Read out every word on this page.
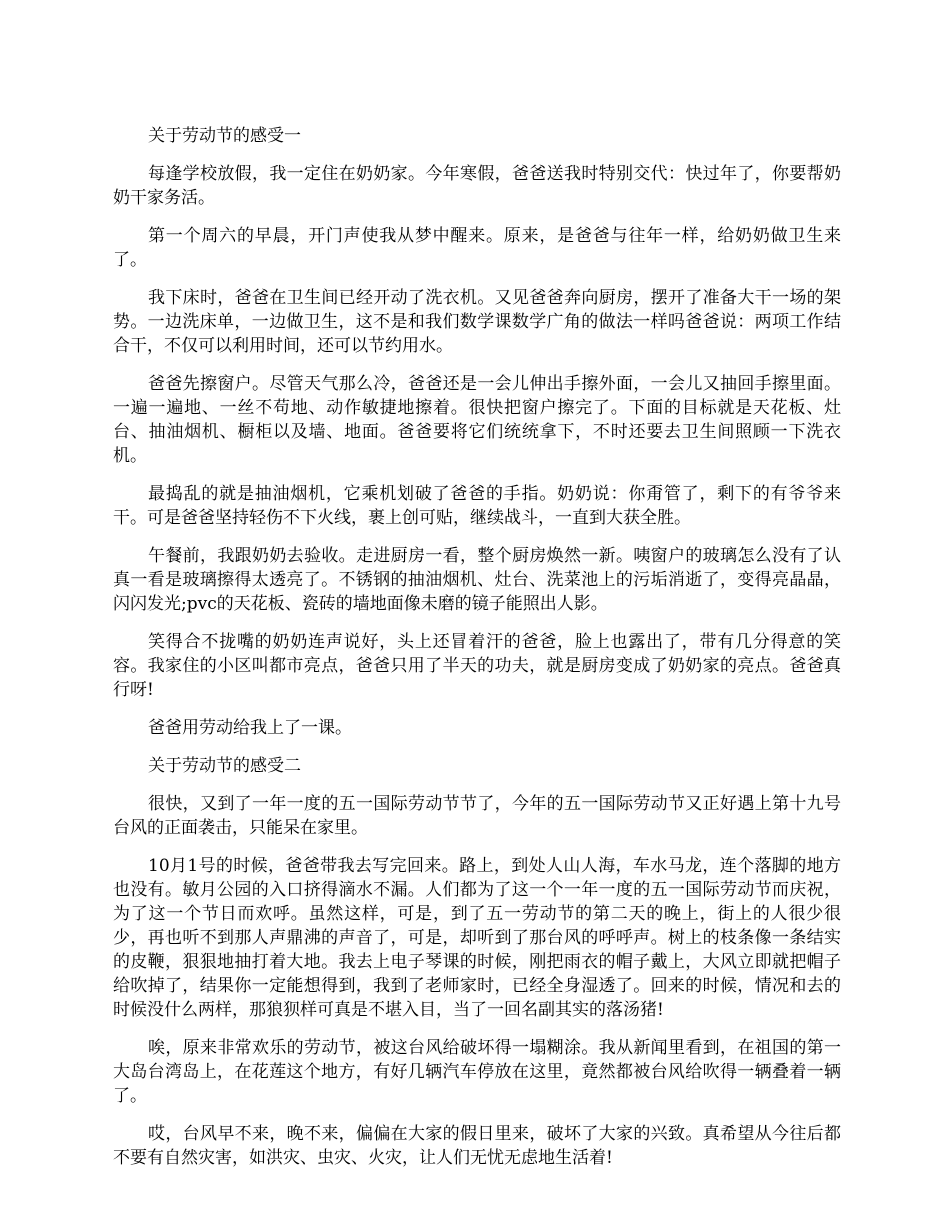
关于劳动节的感受一

每逢学校放假，我一定住在奶奶家。今年寒假，爸爸送我时特别交代：快过年了，你要帮奶奶干家务活。

第一个周六的早晨，开门声使我从梦中醒来。原来，是爸爸与往年一样，给奶奶做卫生来了。

我下床时，爸爸在卫生间已经开动了洗衣机。又见爸爸奔向厨房，摆开了准备大干一场的架势。一边洗床单，一边做卫生，这不是和我们数学课数学广角的做法一样吗爸爸说：两项工作结合干，不仅可以利用时间，还可以节约用水。

爸爸先擦窗户。尽管天气那么冷，爸爸还是一会儿伸出手擦外面，一会儿又抽回手擦里面。一遍一遍地、一丝不苟地、动作敏捷地擦着。很快把窗户擦完了。下面的目标就是天花板、灶台、抽油烟机、橱柜以及墙、地面。爸爸要将它们统统拿下，不时还要去卫生间照顾一下洗衣机。

最捣乱的就是抽油烟机，它乘机划破了爸爸的手指。奶奶说：你甭管了，剩下的有爷爷来干。可是爸爸坚持轻伤不下火线，裹上创可贴，继续战斗，一直到大获全胜。

午餐前，我跟奶奶去验收。走进厨房一看，整个厨房焕然一新。咦窗户的玻璃怎么没有了认真一看是玻璃擦得太透亮了。不锈钢的抽油烟机、灶台、洗菜池上的污垢消逝了，变得亮晶晶，闪闪发光;pvc的天花板、瓷砖的墙地面像未磨的镜子能照出人影。

笑得合不拢嘴的奶奶连声说好，头上还冒着汗的爸爸，脸上也露出了，带有几分得意的笑容。我家住的小区叫都市亮点，爸爸只用了半天的功夫，就是厨房变成了奶奶家的亮点。爸爸真行呀!

爸爸用劳动给我上了一课。

关于劳动节的感受二

很快，又到了一年一度的五一国际劳动节节了，今年的五一国际劳动节又正好遇上第十九号台风的正面袭击，只能呆在家里。

10月1号的时候，爸爸带我去写完回来。路上，到处人山人海，车水马龙，连个落脚的地方也没有。敏月公园的入口挤得滴水不漏。人们都为了这一个一年一度的五一国际劳动节而庆祝，为了这一个节日而欢呼。虽然这样，可是，到了五一劳动节的第二天的晚上，街上的人很少很少，再也听不到那人声鼎沸的声音了，可是，却听到了那台风的呼呼声。树上的枝条像一条结实的皮鞭，狠狠地抽打着大地。我去上电子琴课的时候，刚把雨衣的帽子戴上，大风立即就把帽子给吹掉了，结果你一定能想得到，我到了老师家时，已经全身湿透了。回来的时候，情况和去的时候没什么两样，那狼狈样可真是不堪入目，当了一回名副其实的落汤猪!

唉，原来非常欢乐的劳动节，被这台风给破坏得一塌糊涂。我从新闻里看到，在祖国的第一大岛台湾岛上，在花莲这个地方，有好几辆汽车停放在这里，竟然都被台风给吹得一辆叠着一辆了。

哎，台风早不来，晚不来，偏偏在大家的假日里来，破坏了大家的兴致。真希望从今往后都不要有自然灾害，如洪灾、虫灾、火灾，让人们无忧无虑地生活着!
